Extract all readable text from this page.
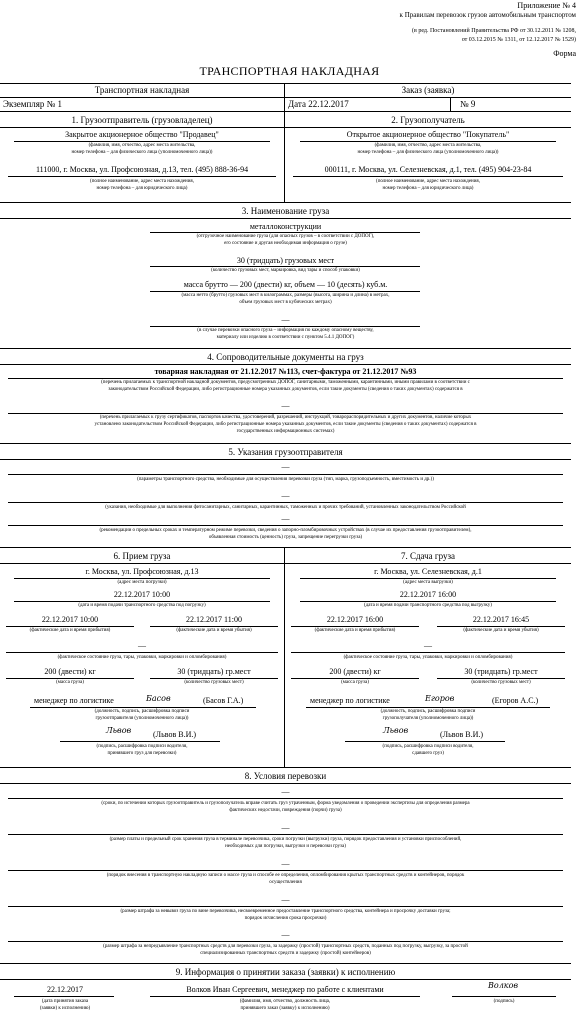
Приложение № 4
к Правилам перевозок грузов автомобильным транспортом
(в ред. Постановлений Правительства РФ от 30.12.2011 № 1208,
от 03.12.2015 № 1311, от 12.12.2017 № 1529)
Форма
ТРАНСПОРТНАЯ НАКЛАДНАЯ
Транспортная накладная	Заказ (заявка)
Экземпляр № 1	Дата 22.12.2017	№ 9
1. Грузоотправитель (грузовладелец)	2. Грузополучатель
Закрытое акционерное общество "Продавец"
(фамилия, имя, отчество, адрес места жительства,
номер телефона – для физического лица (уполномоченного лица))
111000, г. Москва, ул. Профсоюзная, д.13, тел. (495) 888-36-94
(полное наименование, адрес места нахождения,
номер телефона – для юридического лица)
Открытое акционерное общество "Покупатель"
(фамилия, имя, отчество, адрес места жительства,
номер телефона – для физического лица (уполномоченного лица))
000111, г. Москва, ул. Селезневская, д.1, тел. (495) 904-23-84
(полное наименование, адрес места нахождения,
номер телефона – для юридического лица)
3. Наименование груза
металлоконструкции
(отгрузочное наименование груза (для опасных грузов – в соответствии с ДОПОГ),
его состояние и другая необходимая информация о грузе)
30 (тридцать) грузовых мест
(количество грузовых мест, маркировка, вид тары и способ упаковки)
масса брутто — 200 (двести) кг, объем — 10 (десять) куб.м.
(масса нетто (брутто) грузовых мест в килограммах, размеры (высота, ширина и длина) в метрах,
объем грузовых мест в кубических метрах)
—
(в случае перевозки опасного груза – информация по каждому опасному веществу,
материалу или изделию в соответствии с пунктом 5.4.1 ДОПОГ)
4. Сопроводительные документы на груз
товарная накладная от 21.12.2017 №113, счет-фактура от 21.12.2017 №93
(перечень прилагаемых к транспортной накладной документов, предусмотренных ДОПОГ, санитарными, таможенными, карантинными, иными правилами в соответствии с
законодательством Российской Федерации, либо регистрационные номера указанных документов, если такие документы (сведения о таких документах) содержатся в
—
(перечень прилагаемых к грузу сертификатов, паспортов качества, удостоверений, разрешений, инструкций, товарораспорядительных и других документов, наличие которых
установлено законодательством Российской Федерации, либо регистрационные номера указанных документов, если такие документы (сведения о таких документах) содержатся в
государственных информационных системах)
5. Указания грузоотправителя
—
(параметры транспортного средства, необходимые для осуществления перевозки груза (тип, марка, грузоподъемность, вместимость и др.))
—
(указания, необходимые для выполнения фитосанитарных, санитарных, карантинных, таможенных и прочих требований, установленных законодательством Российской
—
(рекомендации о предельных сроках и температурном режиме перевозки, сведения о запорно-пломбировочных устройствах (в случае их предоставления грузоотправителем),
объявленная стоимость (ценность) груза, запрещение перегрузки груза)
6. Прием груза	7. Сдача груза
г. Москва, ул. Профсоюзная, д.13
(адрес места погрузки)
22.12.2017 10:00
(дата и время подачи транспортного средства под погрузку)
22.12.2017 10:00	22.12.2017 11:00
(фактические дата и время прибытия)	(фактические дата и время убытия)
—
(фактическое состояние груза, тары, упаковки, маркировки и опломбирования)
200 (двести) кг	30 (тридцать) гр.мест
(масса груза)	(количество грузовых мест)
менеджер по логистике	Басов	(Басов Г.А.)
(должность, подпись, расшифровка подписи
грузоотправителя (уполномоченного лица))
Львов	(Львов В.И.)
(подпись, расшифровка подписи водителя,
принявшего груз для перевозки)
г. Москва, ул. Селезневская, д.1
(адрес места выгрузки)
22.12.2017 16:00
(дата и время подачи транспортного средства под выгрузку)
22.12.2017 16:00	22.12.2017 16:45
(фактические дата и время прибытия)	(фактические дата и время убытия)
—
(фактическое состояние груза, тары, упаковки, маркировки и опломбирования)
200 (двести) кг	30 (тридцать) гр.мест
(масса груза)	(количество грузовых мест)
менеджер по логистике	Егоров	(Егоров А.С.)
(должность, подпись, расшифровка подписи
грузополучателя (уполномоченного лица))
Львов	(Львов В.И.)
(подпись, расшифровка подписи водителя,
сдавшего груз)
8. Условия перевозки
—
(сроки, по истечении которых грузоотправитель и грузополучатель вправе считать груз утраченным, форма уведомления о проведении экспертизы для определения размера
фактических недостачи, повреждения (порчи) груза)
—
(размер платы и предельный срок хранения груза в терминале перевозчика, сроки погрузки (выгрузки) груза, порядок предоставления и установки приспособлений,
необходимых для погрузки, выгрузки и перевозки груза)
—
(порядок внесения в транспортную накладную записи о массе груза и способе ее определения, опломбирования крытых транспортных средств и контейнеров, порядок
осуществления
—
(размер штрафа за невывоз груза по вине перевозчика, несвоевременное предоставление транспортного средства, контейнера и просрочку доставки груза;
порядок исчисления срока просрочки)
—
(размер штрафа за непредъявление транспортных средств для перевозки груза, за задержку (простой) транспортных средств, поданных под погрузку, выгрузку, за простой
специализированных транспортных средств и задержку (простой) контейнеров)
9. Информация о принятии заказа (заявки) к исполнению
22.12.2017	Волков Иван Сергеевич, менеджер по работе с клиентами	Волков
(дата принятия заказа
(заявки) к исполнению)
(фамилия, имя, отчество, должность лица,
принявшего заказ (заявку) к исполнению)
(подпись)
